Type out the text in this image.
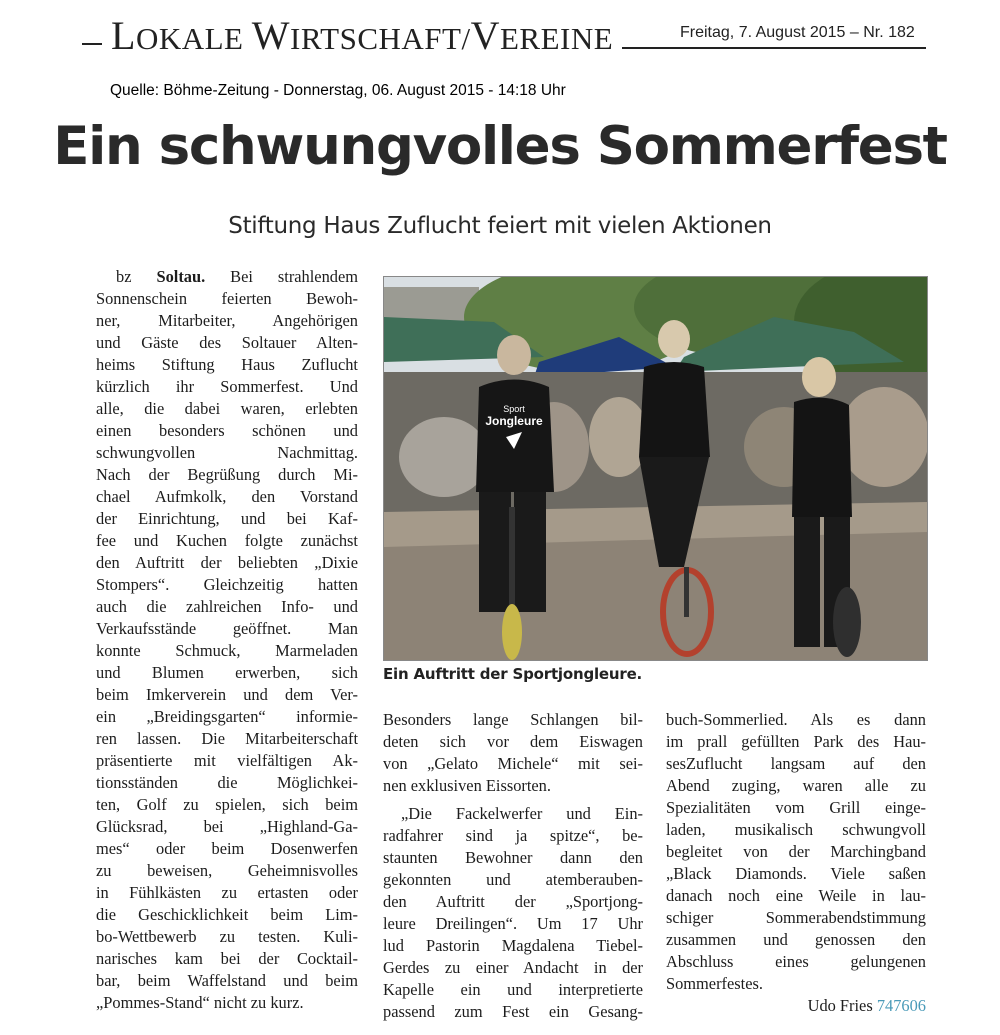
LOKALE WIRTSCHAFT/VEREINE	Freitag, 7. August 2015 – Nr. 182
Quelle: Böhme-Zeitung - Donnerstag, 06. August 2015 - 14:18 Uhr
Ein schwungvolles Sommerfest
Stiftung Haus Zuflucht feiert mit vielen Aktionen
bz Soltau. Bei strahlendem
Sonnenschein feierten Bewoh-
ner, Mitarbeiter, Angehörigen
und Gäste des Soltauer Alten-
heims Stiftung Haus Zuflucht
kürzlich ihr Sommerfest. Und
alle, die dabei waren, erlebten
einen besonders schönen und
schwungvollen Nachmittag.
Nach der Begrüßung durch Mi-
chael Aufmkolk, den Vorstand
der Einrichtung, und bei Kaf-
fee und Kuchen folgte zunächst
den Auftritt der beliebten „Dixie
Stompers“. Gleichzeitig hatten
auch die zahlreichen Info- und
Verkaufsstände geöffnet. Man
konnte Schmuck, Marmeladen
und Blumen erwerben, sich
beim Imkerverein und dem Ver-
ein „Breidingsgarten“ informie-
ren lassen. Die Mitarbeiterschaft
präsentierte mit vielfältigen Ak-
tionsständen die Möglichkei-
ten, Golf zu spielen, sich beim
Glücksrad, bei „Highland-Ga-
mes“ oder beim Dosenwerfen
zu beweisen, Geheimnisvolles
in Fühlkästen zu ertasten oder
die Geschicklichkeit beim Lim-
bo-Wettbewerb zu testen. Kuli-
narisches kam bei der Cocktail-
bar, beim Waffelstand und beim
„Pommes-Stand“ nicht zu kurz.
Sport
Jongleure
Ein Auftritt der Sportjongleure.
Besonders lange Schlangen bil-
deten sich vor dem Eiswagen
von „Gelato Michele“ mit sei-
nen exklusiven Eissorten.
„Die Fackelwerfer und Ein-
radfahrer sind ja spitze“, be-
staunten Bewohner dann den
gekonnten und atemberauben-
den Auftritt der „Sportjong-
leure Dreilingen“. Um 17 Uhr
lud Pastorin Magdalena Tiebel-
Gerdes zu einer Andacht in der
Kapelle ein und interpretierte
passend zum Fest ein Gesang-
buch-Sommerlied. Als es dann
im prall gefüllten Park des Hau-
sesZuflucht langsam auf den
Abend zuging, waren alle zu
Spezialitäten vom Grill einge-
laden, musikalisch schwungvoll
begleitet von der Marchingband
„Black Diamonds. Viele saßen
danach noch eine Weile in lau-
schiger Sommerabendstimmung
zusammen und genossen den
Abschluss eines gelungenen
Sommerfestes.
Udo Fries 747606
